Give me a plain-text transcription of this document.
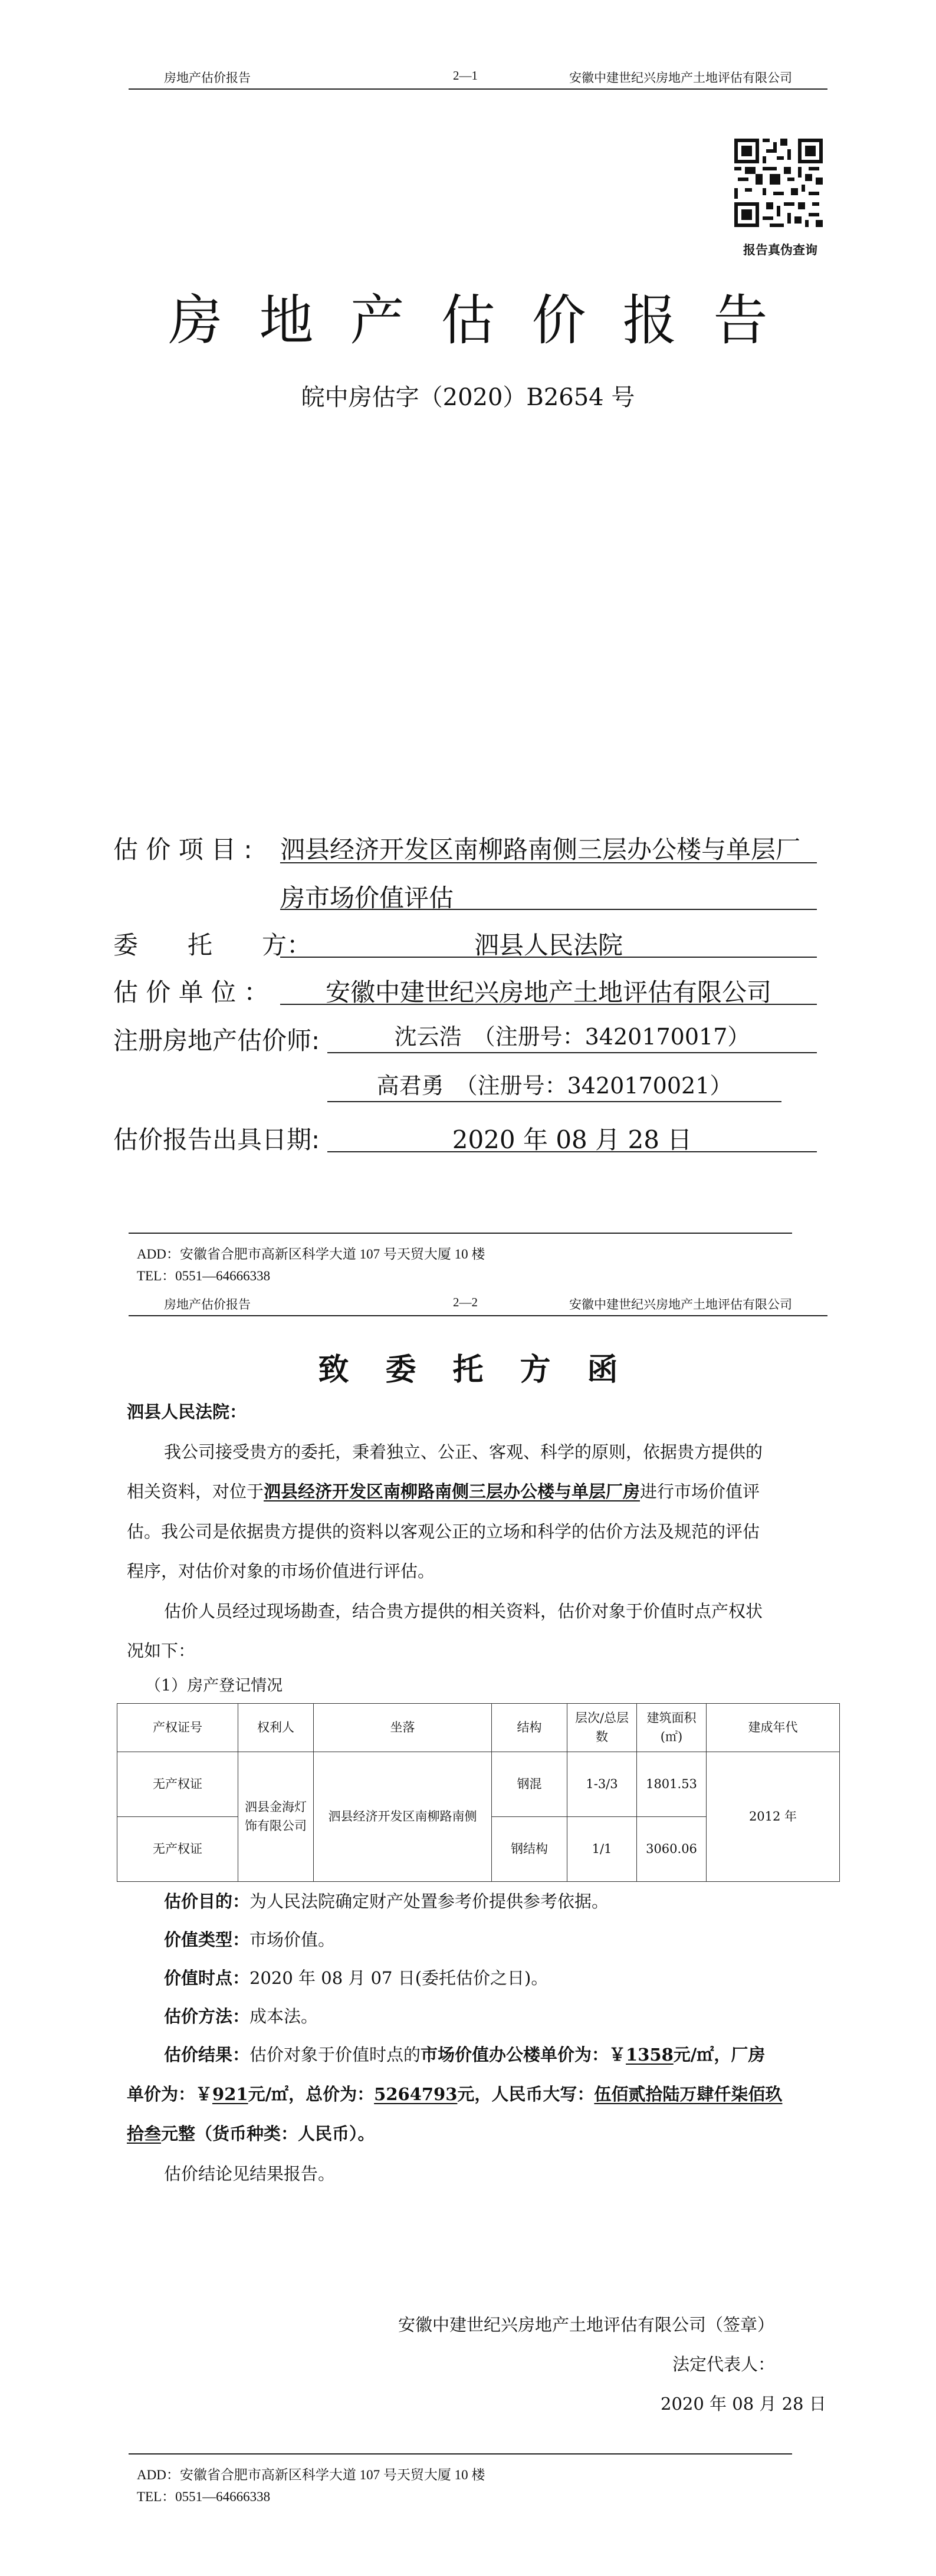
房地产估价报告	2—1	安徽中建世纪兴房地产土地评估有限公司
报告真伪查询
房地产估价报告
皖中房估字（2020）B2654 号
估 价 项 目 : 泗县经济开发区南柳路南侧三层办公楼与单层厂
房市场价值评估
委　　托　　方：	泗县人民法院
估 价 单 位 ：	安徽中建世纪兴房地产土地评估有限公司
注册房地产估价师:	沈云浩　（注册号：3420170017）
高君勇　（注册号：3420170021）
估价报告出具日期:	2020 年 08 月 28 日
ADD：安徽省合肥市高新区科学大道 107 号天贸大厦 10 楼
TEL：0551—64666338
房地产估价报告	2—2	安徽中建世纪兴房地产土地评估有限公司
致委托方函
泗县人民法院：
我公司接受贵方的委托，秉着独立、公正、客观、科学的原则，依据贵方提供的
相关资料，对位于泗县经济开发区南柳路南侧三层办公楼与单层厂房进行市场价值评
估。我公司是依据贵方提供的资料以客观公正的立场和科学的估价方法及规范的评估
程序，对估价对象的市场价值进行评估。
估价人员经过现场勘查，结合贵方提供的相关资料，估价对象于价值时点产权状
况如下：
（1）房产登记情况
产权证号	权利人	坐落	结构	层次/总层数	建筑面积(㎡)	建成年代
无产权证	泗县金海灯饰有限公司	泗县经济开发区南柳路南侧	钢混	1-3/3	1801.53	2012 年
无产权证			钢结构	1/1	3060.06	
估价目的：为人民法院确定财产处置参考价提供参考依据。
价值类型：市场价值。
价值时点：2020 年 08 月 07 日(委托估价之日)。
估价方法：成本法。
估价结果：估价对象于价值时点的市场价值办公楼单价为：￥1358元/㎡，厂房
单价为：￥921元/㎡，总价为：5264793元，人民币大写：伍佰贰拾陆万肆仟柒佰玖
拾叁元整（货币种类：人民币）。
估价结论见结果报告。
安徽中建世纪兴房地产土地评估有限公司（签章）
法定代表人：
2020 年 08 月 28 日
ADD：安徽省合肥市高新区科学大道 107 号天贸大厦 10 楼
TEL：0551—64666338
